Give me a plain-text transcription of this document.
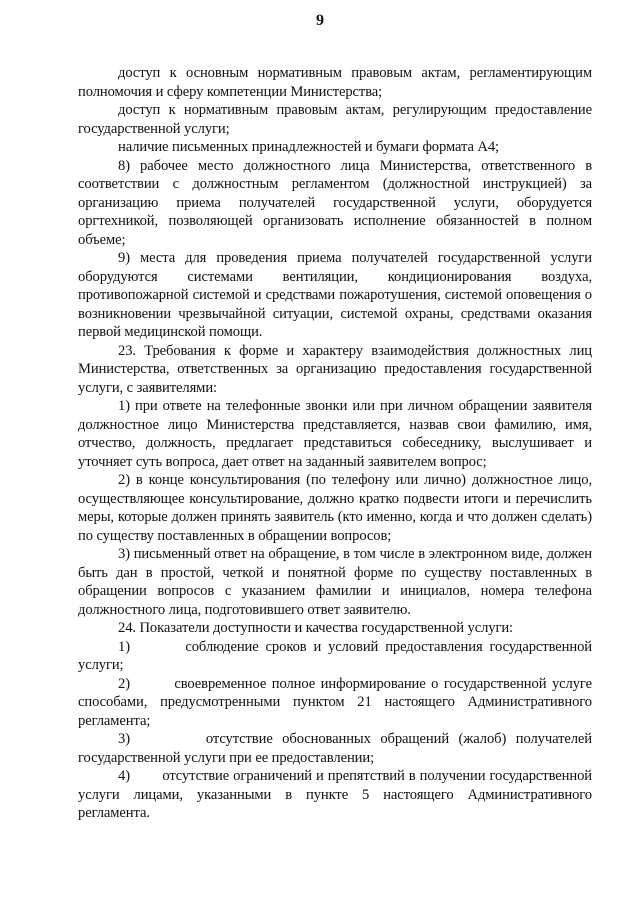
9

доступ к основным нормативным правовым актам, регламентирующим полномочия и сферу компетенции Министерства;

доступ к нормативным правовым актам, регулирующим предоставление государственной услуги;

наличие письменных принадлежностей и бумаги формата А4;

8) рабочее место должностного лица Министерства, ответственного в соответствии с должностным регламентом (должностной инструкцией) за организацию приема получателей государственной услуги, оборудуется оргтехникой, позволяющей организовать исполнение обязанностей в полном объеме;

9) места для проведения приема получателей государственной услуги оборудуются системами вентиляции, кондиционирования воздуха, противопожарной системой и средствами пожаротушения, системой оповещения о возникновении чрезвычайной ситуации, системой охраны, средствами оказания первой медицинской помощи.

23. Требования к форме и характеру взаимодействия должностных лиц Министерства, ответственных за организацию предоставления государственной услуги, с заявителями:

1) при ответе на телефонные звонки или при личном обращении заявителя должностное лицо Министерства представляется, назвав свои фамилию, имя, отчество, должность, предлагает представиться собеседнику, выслушивает и уточняет суть вопроса, дает ответ на заданный заявителем вопрос;

2) в конце консультирования (по телефону или лично) должностное лицо, осуществляющее консультирование, должно кратко подвести итоги и перечислить меры, которые должен принять заявитель (кто именно, когда и что должен сделать) по существу поставленных в обращении вопросов;

3) письменный ответ на обращение, в том числе в электронном виде, должен быть дан в простой, четкой и понятной форме по существу поставленных в обращении вопросов с указанием фамилии и инициалов, номера телефона должностного лица, подготовившего ответ заявителю.

24. Показатели доступности и качества государственной услуги:

1)	соблюдение сроков и условий предоставления государственной услуги;

2)	своевременное полное информирование о государственной услуге способами, предусмотренными пунктом 21 настоящего Административного регламента;

3)	отсутствие обоснованных обращений (жалоб) получателей государственной услуги при ее предоставлении;

4) отсутствие ограничений и препятствий в получении государственной услуги лицами, указанными в пункте 5 настоящего Административного регламента.
